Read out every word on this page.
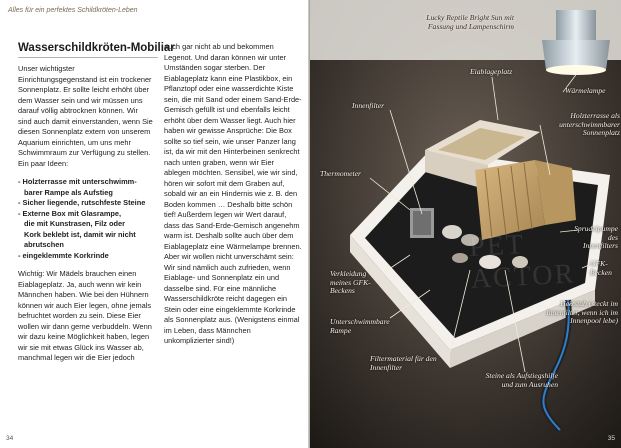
Alles für ein perfektes Schildkröten-Leben
Wasserschildkröten-Mobiliar

Unser wichtigster Einrichtungsgegenstand ist ein trockener Sonnenplatz. Er sollte leicht erhöht über dem Wasser sein und wir müssen uns darauf völlig abtrocknen können. Wir sind auch damit einverstanden, wenn Sie diesen Sonnenplatz extern von unserem Aquarium einrichten, um uns mehr Schwimmraum zur Verfügung zu stellen. Ein paar Ideen:

- Holzterrasse mit unterschwimm-
barer Rampe als Aufstieg
- Sicher liegende, rutschfeste Steine
- Externe Box mit Glasrampe,
die mit Kunstrasen, Filz oder
Kork beklebt ist, damit wir nicht
abrutschen
- eingeklemmte Korkrinde

Wichtig: Wir Mädels brauchen einen Eiablageplatz. Ja, auch wenn wir kein Männchen haben. Wie bei den Hühnern können wir auch Eier legen, ohne jemals befruchtet worden zu sein. Diese Eier wollen wir dann gerne verbuddeln. Wenn wir dazu keine Möglichkeit haben, legen wir sie mit etwas Glück ins Wasser ab, manchmal legen wir die Eier jedoch

auch gar nicht ab und bekommen Legenot. Und daran können wir unter Umständen sogar sterben. Der Eiablageplatz kann eine Plastikbox, ein Pflanztopf oder eine wasserdichte Kiste sein, die mit Sand oder einem Sand-Erde-Gemisch gefüllt ist und ebenfalls leicht erhöht über dem Wasser liegt. Auch hier haben wir gewisse Ansprüche: Die Box sollte so tief sein, wie unser Panzer lang ist, da wir mit den Hinterbeinen senkrecht nach unten graben, wenn wir Eier ablegen möchten. Sensibel, wie wir sind, hören wir sofort mit dem Graben auf, sobald wir an ein Hindernis wie z. B. den Boden kommen … Deshalb bitte schön tief! Außerdem legen wir Wert darauf, dass das Sand-Erde-Gemisch angenehm warm ist. Deshalb sollte auch über dem Eiablageplatz eine Wärmelampe brennen. Aber wir wollen nicht unverschämt sein: Wir sind nämlich auch zufrieden, wenn Eiablage- und Sonnenplatz ein und dasselbe sind. Für eine männliche Wasserschildkröte reicht dagegen ein Stein oder eine eingeklemmte Korkrinde als Sonnenplatz aus. (Wenigstens einmal im Leben, dass Männchen unkomplizierter sind!)

34
Lucky Reptile Bright Sun mit Fassung und Lampenschirm
Eiablageplatz
Wärmelampe
Innenfilter
Holzterrasse als unterschwimmbarer Sonnenplatz
Thermometer
Sprudelpumpe des Innenfilters
Verkleidung meines GFK-Beckens
GFK-Becken
Heizstab (steckt im Innenfilter, wenn ich im Innenpool lebe)
Unterschwimmbare Rampe
Filtermaterial für den Innenfilter
Steine als Aufstiegshilfe und zum Ausruhen
PET ACTOR
35
